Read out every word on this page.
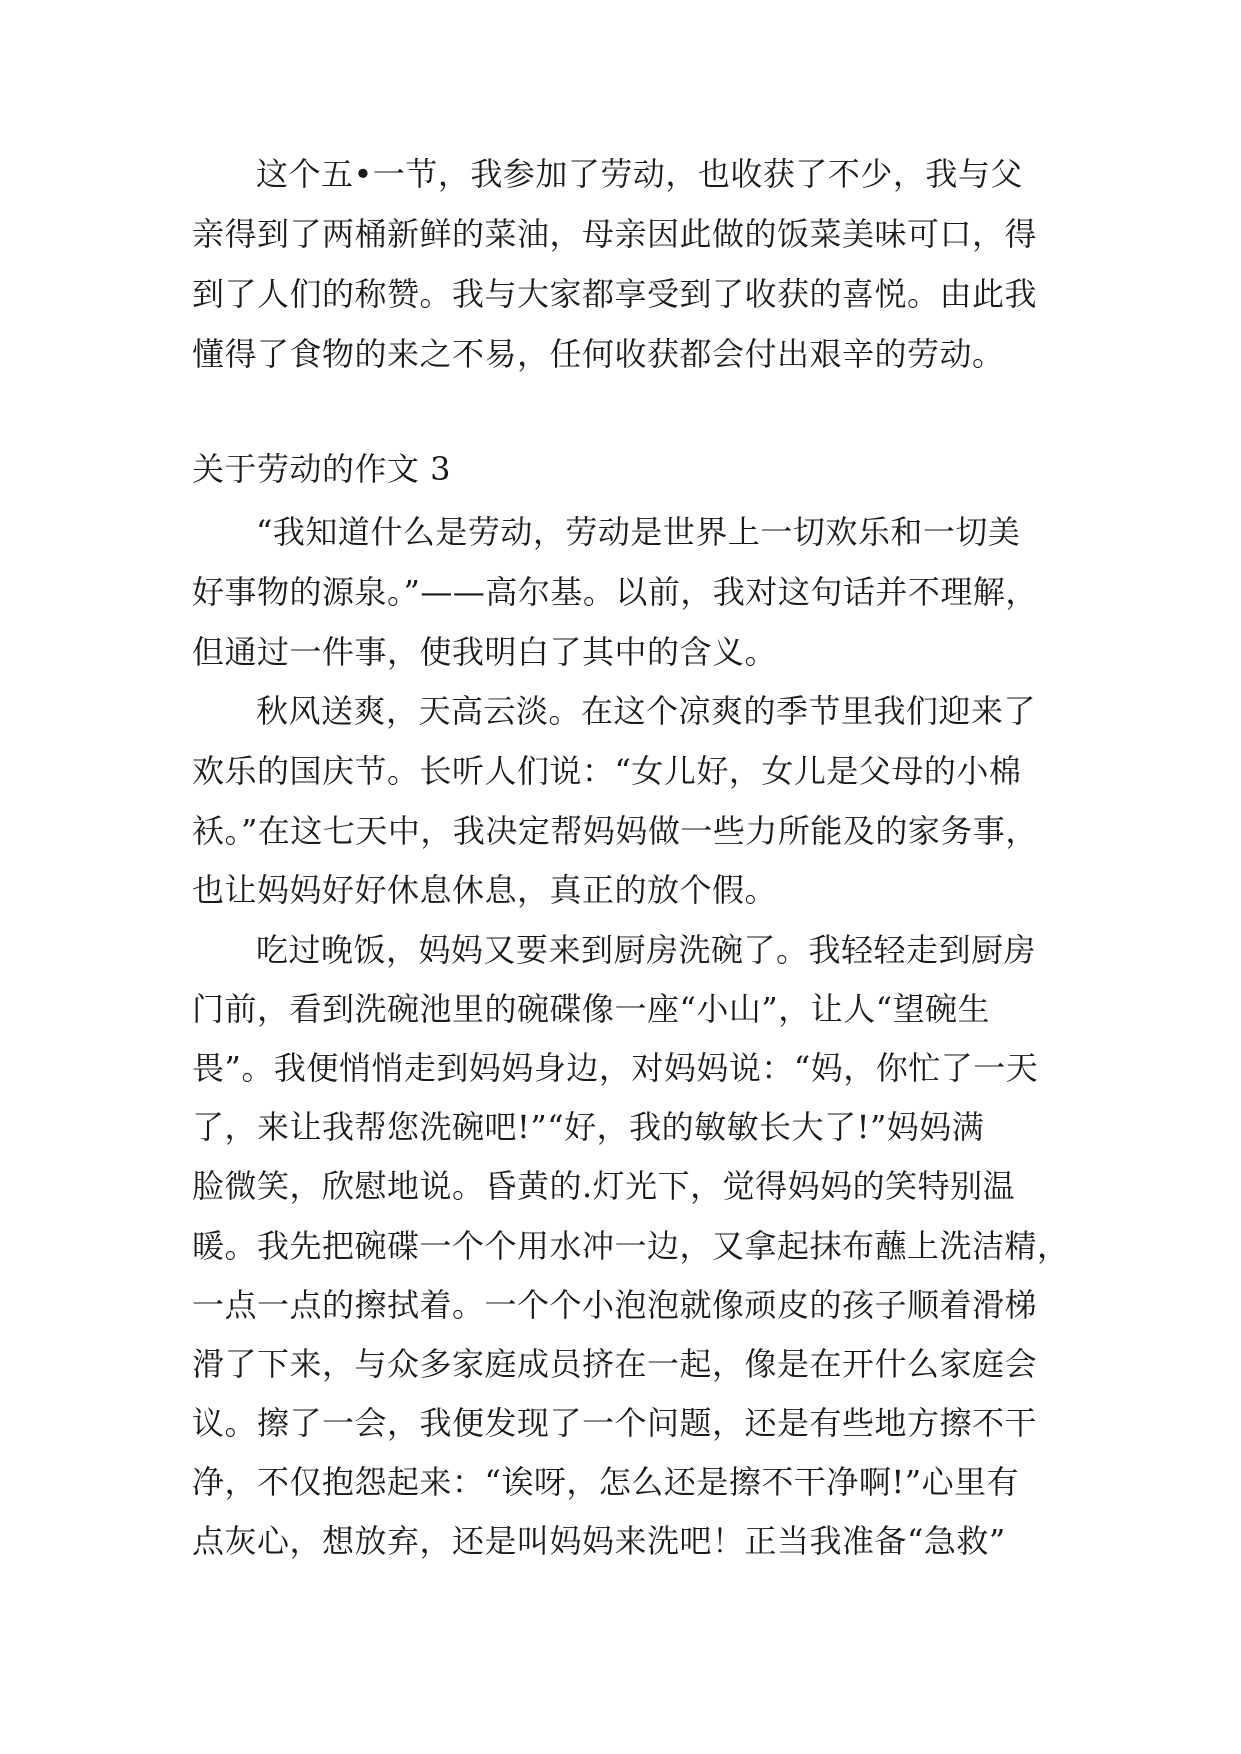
这个五•一节，我参加了劳动，也收获了不少，我与父
亲得到了两桶新鲜的菜油，母亲因此做的饭菜美味可口，得
到了人们的称赞。我与大家都享受到了收获的喜悦。由此我
懂得了食物的来之不易，任何收获都会付出艰辛的劳动。
关于劳动的作文 3
“我知道什么是劳动，劳动是世界上一切欢乐和一切美
好事物的源泉。”——高尔基。以前，我对这句话并不理解，
但通过一件事，使我明白了其中的含义。
秋风送爽，天高云淡。在这个凉爽的季节里我们迎来了
欢乐的国庆节。长听人们说：“女儿好，女儿是父母的小棉
袄。”在这七天中，我决定帮妈妈做一些力所能及的家务事，
也让妈妈好好休息休息，真正的放个假。
吃过晚饭，妈妈又要来到厨房洗碗了。我轻轻走到厨房
门前，看到洗碗池里的碗碟像一座“小山”，让人“望碗生
畏”。我便悄悄走到妈妈身边，对妈妈说：“妈，你忙了一天
了，来让我帮您洗碗吧!”“好，我的敏敏长大了!”妈妈满
脸微笑，欣慰地说。昏黄的.灯光下，觉得妈妈的笑特别温
暖。我先把碗碟一个个用水冲一边，又拿起抹布蘸上洗洁精，
一点一点的擦拭着。一个个小泡泡就像顽皮的孩子顺着滑梯
滑了下来，与众多家庭成员挤在一起，像是在开什么家庭会
议。擦了一会，我便发现了一个问题，还是有些地方擦不干
净，不仅抱怨起来：“诶呀，怎么还是擦不干净啊!”心里有
点灰心，想放弃，还是叫妈妈来洗吧！正当我准备“急救”
